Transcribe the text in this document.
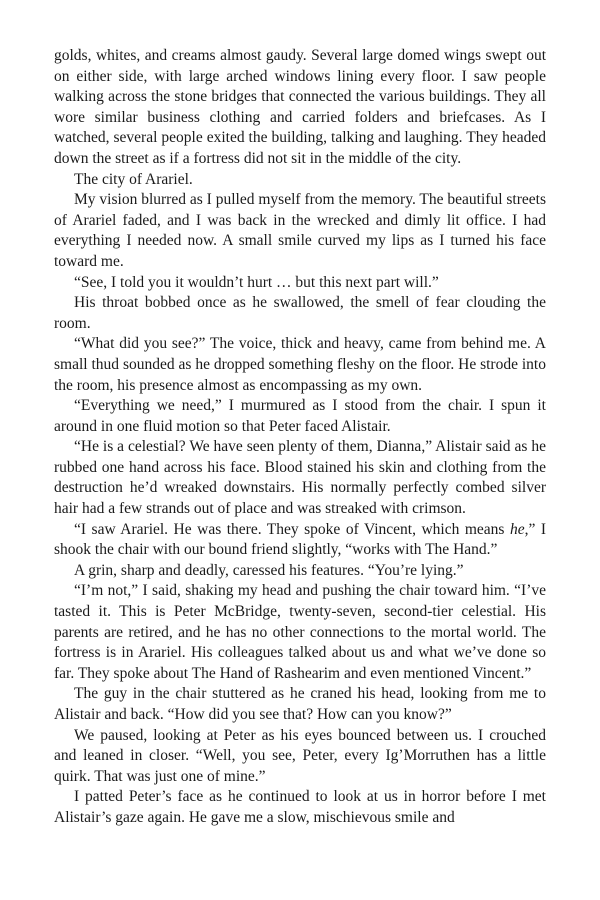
golds, whites, and creams almost gaudy. Several large domed wings swept out on either side, with large arched windows lining every floor. I saw people walking across the stone bridges that connected the various buildings. They all wore similar business clothing and carried folders and briefcases. As I watched, several people exited the building, talking and laughing. They headed down the street as if a fortress did not sit in the middle of the city.

The city of Arariel.

My vision blurred as I pulled myself from the memory. The beautiful streets of Arariel faded, and I was back in the wrecked and dimly lit office. I had everything I needed now. A small smile curved my lips as I turned his face toward me.

“See, I told you it wouldn’t hurt … but this next part will.”

His throat bobbed once as he swallowed, the smell of fear clouding the room.

“What did you see?” The voice, thick and heavy, came from behind me. A small thud sounded as he dropped something fleshy on the floor. He strode into the room, his presence almost as encompassing as my own.

“Everything we need,” I murmured as I stood from the chair. I spun it around in one fluid motion so that Peter faced Alistair.

“He is a celestial? We have seen plenty of them, Dianna,” Alistair said as he rubbed one hand across his face. Blood stained his skin and clothing from the destruction he’d wreaked downstairs. His normally perfectly combed silver hair had a few strands out of place and was streaked with crimson.

“I saw Arariel. He was there. They spoke of Vincent, which means he,” I shook the chair with our bound friend slightly, “works with The Hand.”

A grin, sharp and deadly, caressed his features. “You’re lying.”

“I’m not,” I said, shaking my head and pushing the chair toward him. “I’ve tasted it. This is Peter McBridge, twenty-seven, second-tier celestial. His parents are retired, and he has no other connections to the mortal world. The fortress is in Arariel. His colleagues talked about us and what we’ve done so far. They spoke about The Hand of Rashearim and even mentioned Vincent.”

The guy in the chair stuttered as he craned his head, looking from me to Alistair and back. “How did you see that? How can you know?”

We paused, looking at Peter as his eyes bounced between us. I crouched and leaned in closer. “Well, you see, Peter, every Ig’Morruthen has a little quirk. That was just one of mine.”

I patted Peter’s face as he continued to look at us in horror before I met Alistair’s gaze again. He gave me a slow, mischievous smile and
